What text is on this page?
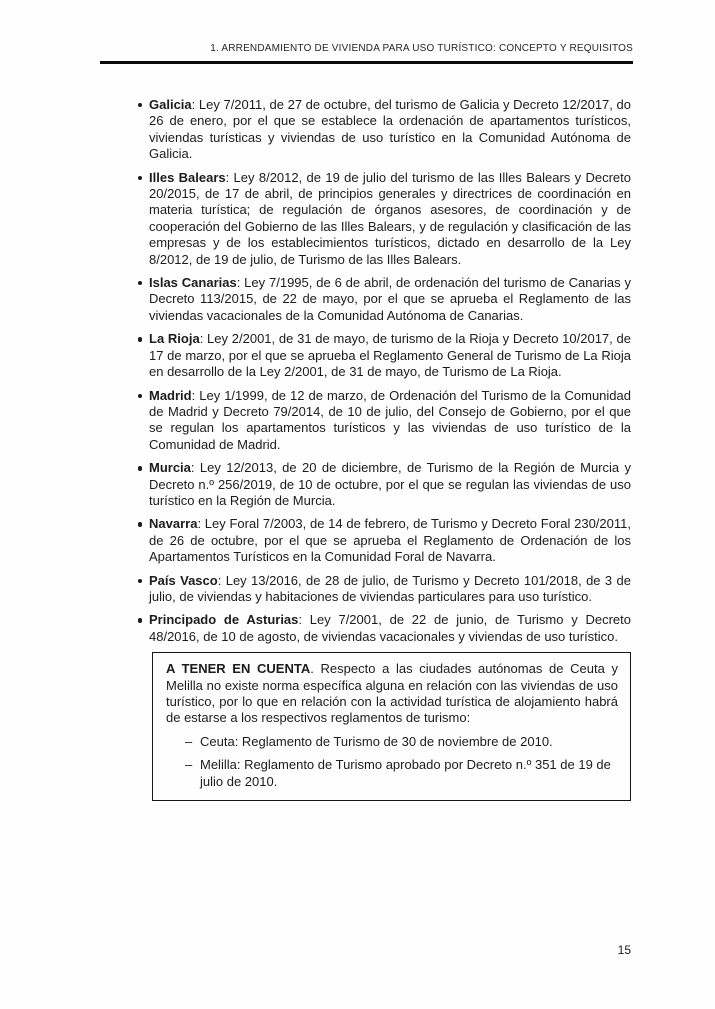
1. ARRENDAMIENTO DE VIVIENDA PARA USO TURÍSTICO: CONCEPTO Y REQUISITOS
Galicia: Ley 7/2011, de 27 de octubre, del turismo de Galicia y Decreto 12/2017, do 26 de enero, por el que se establece la ordenación de apartamentos turísticos, viviendas turísticas y viviendas de uso turístico en la Comunidad Autónoma de Galicia.
Illes Balears: Ley 8/2012, de 19 de julio del turismo de las Illes Balears y Decreto 20/2015, de 17 de abril, de principios generales y directrices de coordinación en materia turística; de regulación de órganos asesores, de coordinación y de cooperación del Gobierno de las Illes Balears, y de regulación y clasificación de las empresas y de los establecimientos turísticos, dictado en desarrollo de la Ley 8/2012, de 19 de julio, de Turismo de las Illes Balears.
Islas Canarias: Ley 7/1995, de 6 de abril, de ordenación del turismo de Canarias y Decreto 113/2015, de 22 de mayo, por el que se aprueba el Reglamento de las viviendas vacacionales de la Comunidad Autónoma de Canarias.
La Rioja: Ley 2/2001, de 31 de mayo, de turismo de la Rioja y Decreto 10/2017, de 17 de marzo, por el que se aprueba el Reglamento General de Turismo de La Rioja en desarrollo de la Ley 2/2001, de 31 de mayo, de Turismo de La Rioja.
Madrid: Ley 1/1999, de 12 de marzo, de Ordenación del Turismo de la Comunidad de Madrid y Decreto 79/2014, de 10 de julio, del Consejo de Gobierno, por el que se regulan los apartamentos turísticos y las viviendas de uso turístico de la Comunidad de Madrid.
Murcia: Ley 12/2013, de 20 de diciembre, de Turismo de la Región de Murcia y Decreto n.º 256/2019, de 10 de octubre, por el que se regulan las viviendas de uso turístico en la Región de Murcia.
Navarra: Ley Foral 7/2003, de 14 de febrero, de Turismo y Decreto Foral 230/2011, de 26 de octubre, por el que se aprueba el Reglamento de Ordenación de los Apartamentos Turísticos en la Comunidad Foral de Navarra.
País Vasco: Ley 13/2016, de 28 de julio, de Turismo y Decreto 101/2018, de 3 de julio, de viviendas y habitaciones de viviendas particulares para uso turístico.
Principado de Asturias: Ley 7/2001, de 22 de junio, de Turismo y Decreto 48/2016, de 10 de agosto, de viviendas vacacionales y viviendas de uso turístico.

A TENER EN CUENTA. Respecto a las ciudades autónomas de Ceuta y Melilla no existe norma específica alguna en relación con las viviendas de uso turístico, por lo que en relación con la actividad turística de alojamiento habrá de estarse a los respectivos reglamentos de turismo:

– Ceuta: Reglamento de Turismo de 30 de noviembre de 2010.
– Melilla: Reglamento de Turismo aprobado por Decreto n.º 351 de 19 de julio de 2010.
15
